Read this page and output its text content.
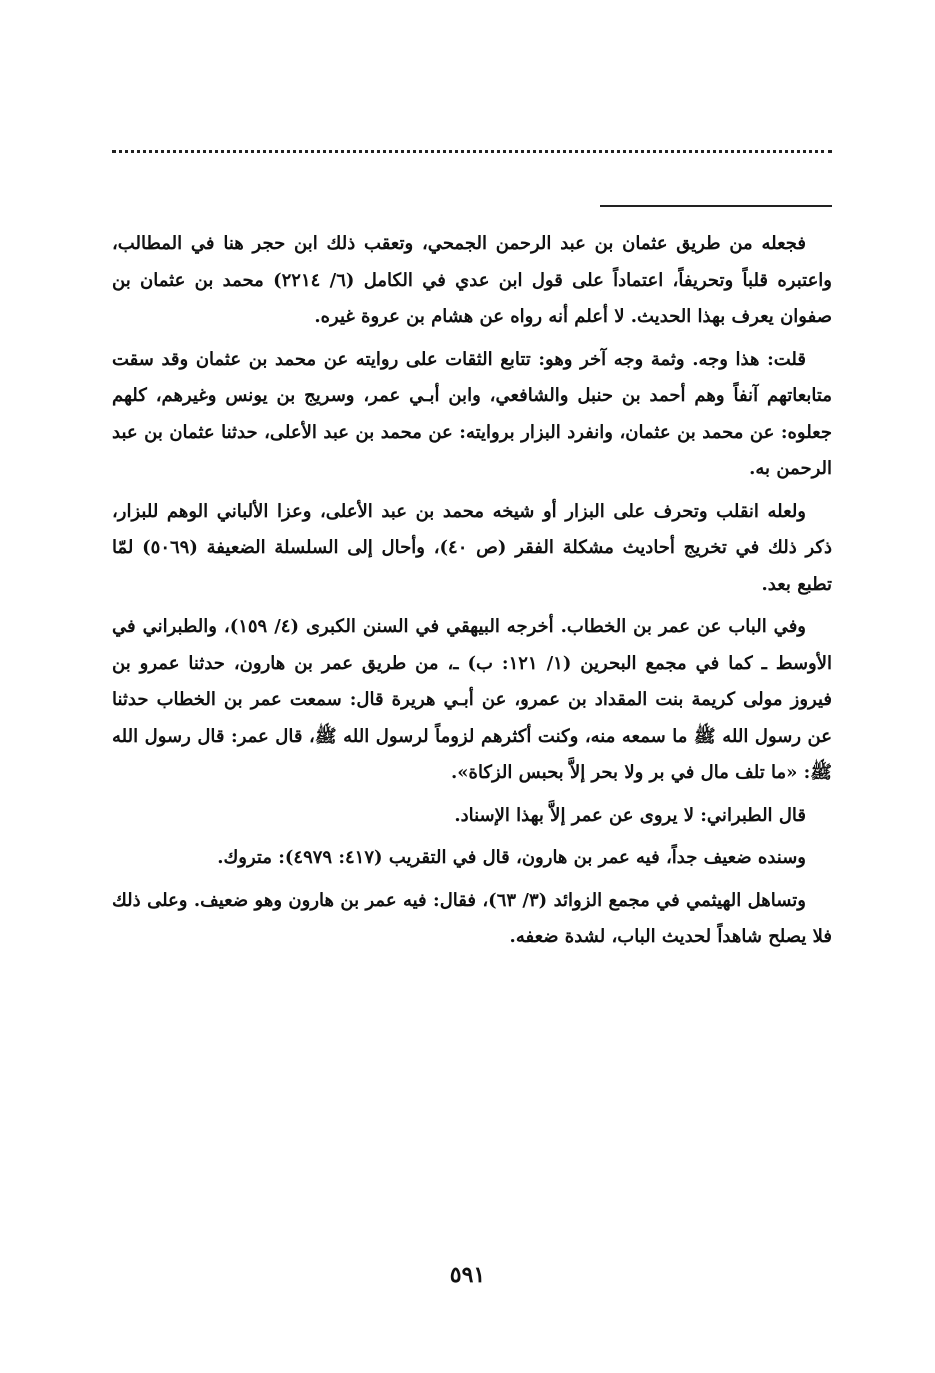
فجعله من طريق عثمان بن عبد الرحمن الجمحي، وتعقب ذلك ابن حجر هنا في المطالب، واعتبره قلباً وتحريفاً، اعتماداً على قول ابن عدي في الكامل (٦/ ٢٢١٤) محمد بن عثمان بن صفوان يعرف بهذا الحديث. لا أعلم أنه رواه عن هشام بن عروة غيره.

قلت: هذا وجه. وثمة وجه آخر وهو: تتابع الثقات على روايته عن محمد بن عثمان وقد سقت متابعاتهم آنفاً وهم أحمد بن حنبل والشافعي، وابن أبـي عمر، وسريج بن يونس وغيرهم، كلهم جعلوه: عن محمد بن عثمان، وانفرد البزار بروايته: عن محمد بن عبد الأعلى، حدثنا عثمان بن عبد الرحمن به.

ولعله انقلب وتحرف على البزار أو شيخه محمد بن عبد الأعلى، وعزا الألباني الوهم للبزار، ذكر ذلك في تخريج أحاديث مشكلة الفقر (ص ٤٠)، وأحال إلى السلسلة الضعيفة (٥٠٦٩) لمّا تطبع بعد.

وفي الباب عن عمر بن الخطاب. أخرجه البيهقي في السنن الكبرى (٤/ ١٥٩)، والطبراني في الأوسط ـ كما في مجمع البحرين (١/ ١٢١: ب) ـ، من طريق عمر بن هارون، حدثنا عمرو بن فيروز مولى كريمة بنت المقداد بن عمرو، عن أبـي هريرة قال: سمعت عمر بن الخطاب حدثنا عن رسول الله ﷺ ما سمعه منه، وكنت أكثرهم لزوماً لرسول الله ﷺ، قال عمر: قال رسول الله ﷺ: «ما تلف مال في بر ولا بحر إلاَّ بحبس الزكاة».

قال الطبراني: لا يروى عن عمر إلاَّ بهذا الإسناد.

وسنده ضعيف جداً، فيه عمر بن هارون، قال في التقريب (٤١٧: ٤٩٧٩): متروك.

وتساهل الهيثمي في مجمع الزوائد (٣/ ٦٣)، فقال: فيه عمر بن هارون وهو ضعيف. وعلى ذلك فلا يصلح شاهداً لحديث الباب، لشدة ضعفه.

٥٩١
